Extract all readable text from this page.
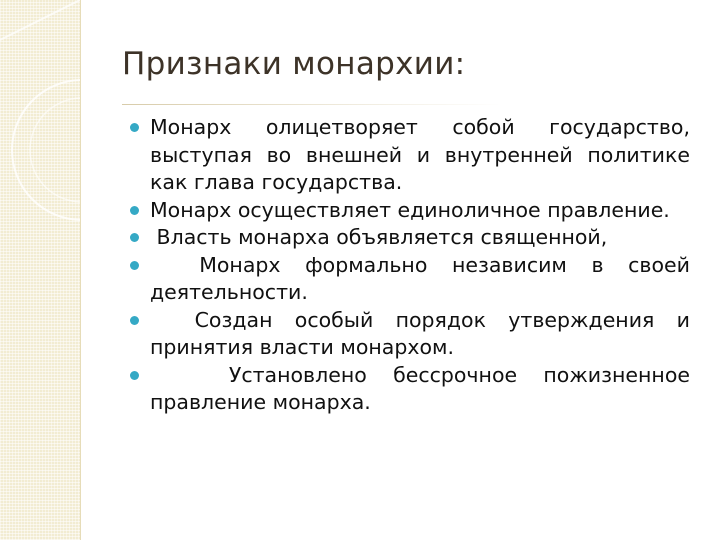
Признаки монархии:
Монарх олицетворяет собой государство, выступая во внешней и внутренней политике как глава государства.
Монарх осуществляет единоличное правление.
Власть монарха объявляется священной,
Монарх формально независим в своей деятельности.
Создан особый порядок утверждения и принятия власти монархом.
Установлено бессрочное пожизненное правление монарха.
